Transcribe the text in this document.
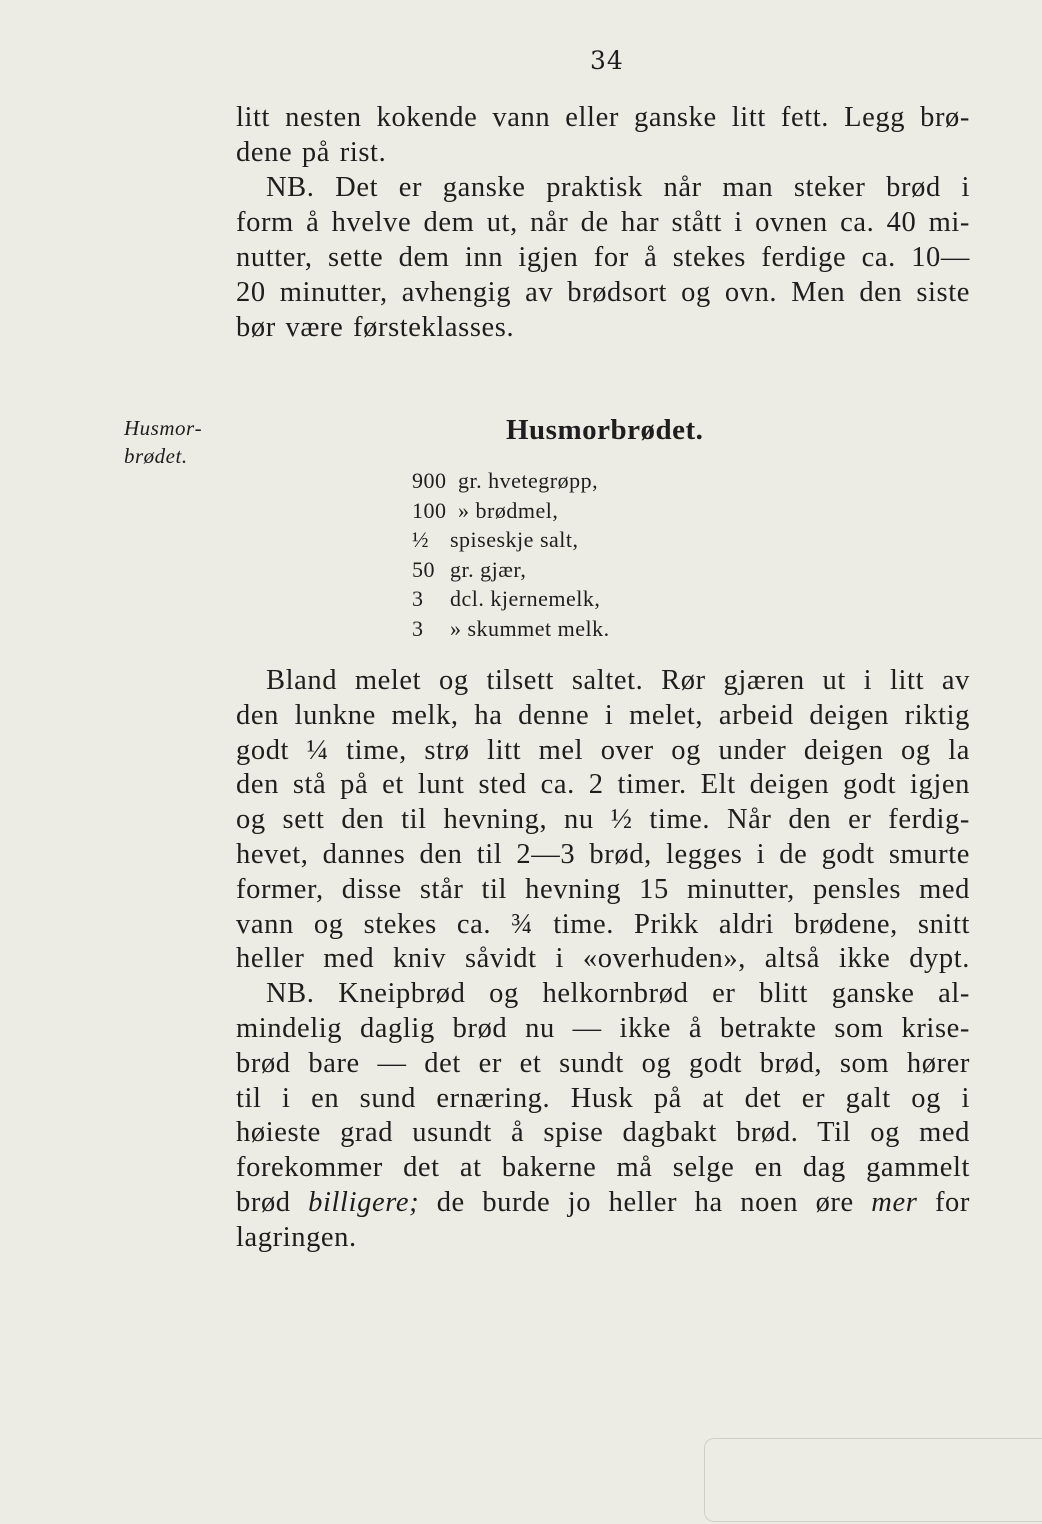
34
litt nesten kokende vann eller ganske litt fett. Legg brø‐
dene på rist.
NB. Det er ganske praktisk når man steker brød i
form å hvelve dem ut, når de har stått i ovnen ca. 40 mi‐
nutter, sette dem inn igjen for å stekes ferdige ca. 10—
20 minutter, avhengig av brødsort og ovn. Men den siste
bør være førsteklasses.
Husmor‐
brødet.
Husmorbrødet.
900 gr. hvetegrøpp,
100 » brødmel,
½ spiseskje salt,
50 gr. gjær,
3 dcl. kjernemelk,
3 » skummet melk.
Bland melet og tilsett saltet. Rør gjæren ut i litt av
den lunkne melk, ha denne i melet, arbeid deigen riktig
godt ¼ time, strø litt mel over og under deigen og la
den stå på et lunt sted ca. 2 timer. Elt deigen godt igjen
og sett den til hevning, nu ½ time. Når den er ferdig‐
hevet, dannes den til 2—3 brød, legges i de godt smurte
former, disse står til hevning 15 minutter, pensles med
vann og stekes ca. ¾ time. Prikk aldri brødene, snitt
heller med kniv såvidt i «overhuden», altså ikke dypt.
NB. Kneipbrød og helkornbrød er blitt ganske al‐
mindelig daglig brød nu — ikke å betrakte som krise‐
brød bare — det er et sundt og godt brød, som hører
til i en sund ernæring. Husk på at det er galt og i
høieste grad usundt å spise dagbakt brød. Til og med
forekommer det at bakerne må selge en dag gammelt
brød billigere; de burde jo heller ha noen øre mer for
lagringen.
